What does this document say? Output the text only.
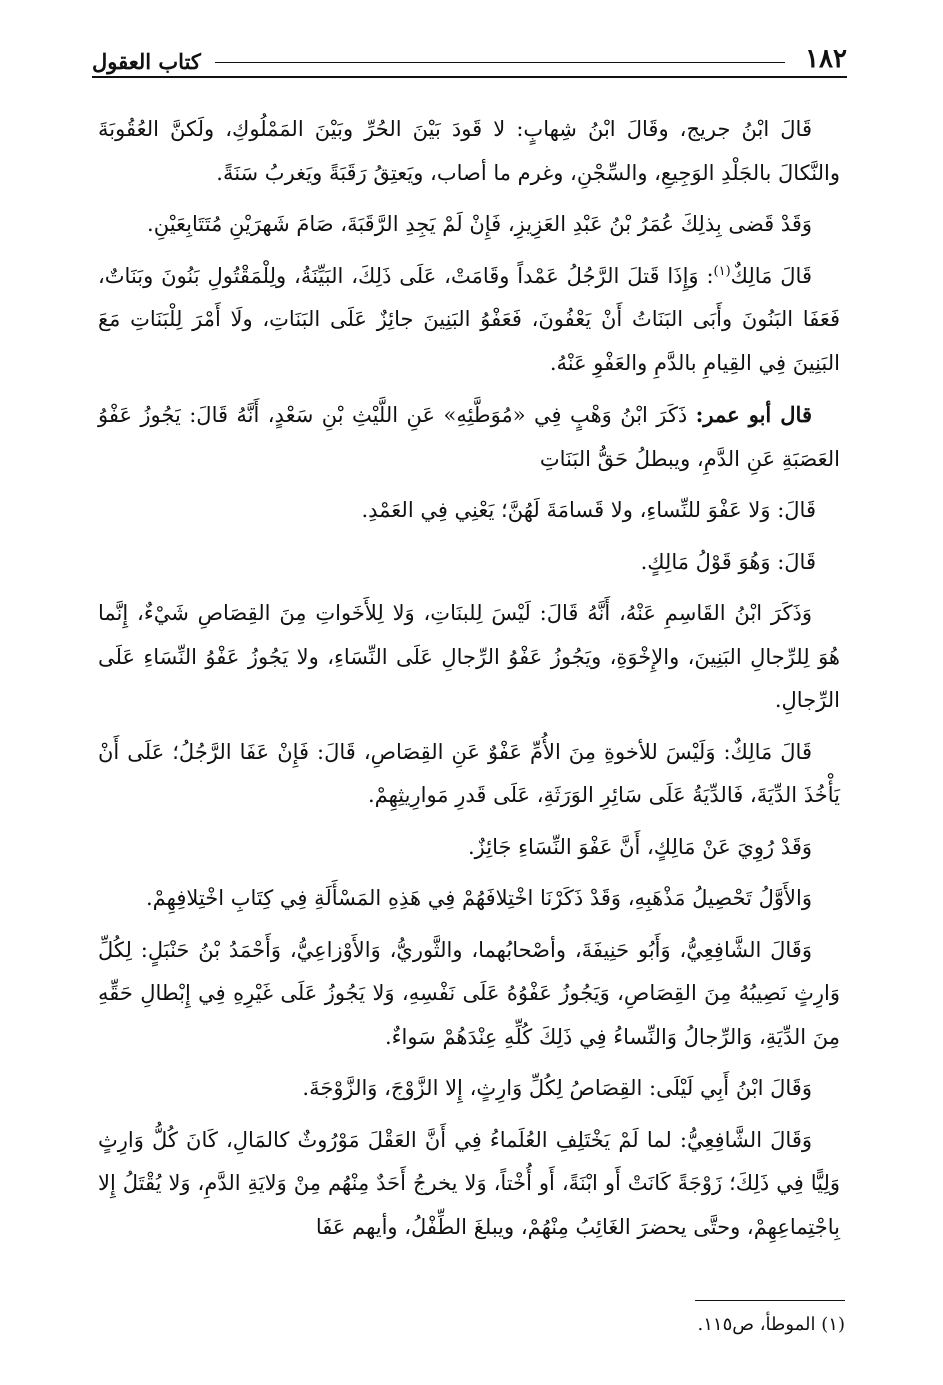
١٨٢
كتاب العقول

قَالَ ابْنُ جريج، وقَالَ ابْنُ شِهابٍ: لا قَودَ بَيْنَ الحُرِّ وبَيْنَ المَمْلُوكِ، ولَكنَّ العُقُوبَةَ والنَّكالَ بالجَلْدِ الوَجِيعِ، والسِّجْنِ، وغرم ما أصاب، ويَعتِقُ رَقَبَةً ويَغربُ سَنَةً.

وَقَدْ قَضى بِذلِكَ عُمَرُ بْنُ عَبْدِ العَزِيزِ، فَإِنْ لَمْ يَجِدِ الرَّقَبَةَ، صَامَ شَهرَيْنِ مُتَتَابِعَيْنِ.

قَالَ مَالِكٌ$^{(١)}$: وَإِذَا قَتلَ الرَّجُلُ عَمْداً وقَامَتْ، عَلَى ذَلِكَ، البَيِّنَةُ، ولِلْمَقْتُولِ بَنُونَ وبَنَاتٌ، فَعَفَا البَنُونَ وأَبَى البَنَاتُ أَنْ يَعْفُونَ، فَعَفْوُ البَنِينَ جائِزٌ عَلَى البَنَاتِ، ولَا أَمْرَ لِلْبَنَاتِ مَعَ البَنِينَ فِي القِيامِ بالدَّمِ والعَفْوِ عَنْهُ.

قال أبو عمر: ذَكَرَ ابْنُ وَهْبٍ فِي «مُوَطَّئِهِ» عَنِ اللَّيْثِ بْنِ سَعْدٍ، أَنَّهُ قَالَ: يَجُوزُ عَفْوُ العَصَبَةِ عَنِ الدَّمِ، ويبطلُ حَقُّ البَنَاتِ

قَالَ: وَلا عَفْوَ للنِّساءِ، ولا قَسامَةَ لَهُنَّ؛ يَعْنِي فِي العَمْدِ.

قَالَ: وَهُوَ قَوْلُ مَالِكٍ.

وَذَكَرَ ابْنُ القَاسِمِ عَنْهُ، أَنَّهُ قَالَ: لَيْسَ لِلبنَاتِ، وَلا لِلأَخَواتِ مِنَ القِصَاصِ شَيْءٌ، إِنَّما هُوَ لِلرِّجالِ البَنِينَ، والإِخْوَةِ، ويَجُوزُ عَفْوُ الرِّجالِ عَلَى النِّسَاءِ، ولا يَجُوزُ عَفْوُ النِّسَاءِ عَلَى الرِّجالِ.

قَالَ مَالِكٌ: وَلَيْسَ للأخوةِ مِنَ الأُمِّ عَفْوٌ عَنِ القِصَاصِ، قَالَ: فَإِنْ عَفَا الرَّجُلُ؛ عَلَى أَنْ يَأْخُذَ الدِّيَةَ، فَالدِّيَةُ عَلَى سَائِرِ الوَرَثَةِ، عَلَى قَدرِ مَوارِيثِهِمْ.

وَقَدْ رُوِيَ عَنْ مَالِكٍ، أَنَّ عَفْوَ النِّسَاءِ جَائِزٌ.

وَالأَوَّلُ تَحْصِيلُ مَذْهَبِهِ، وَقَدْ ذَكَرْنَا اخْتِلافَهُمْ فِي هَذِهِ المَسْأَلَةِ فِي كِتَابِ اخْتِلافِهِمْ.

وَقَالَ الشَّافِعِيُّ، وَأَبُو حَنِيفَةَ، وأصْحابُهما، والثَّوريُّ، وَالأَوْزاعِيُّ، وَأَحْمَدُ بْنُ حَنْبَلٍ: لِكُلِّ وَارِثٍ نَصِيبُهُ مِنَ القِصَاصِ، وَيَجُوزُ عَفْوُهُ عَلَى نَفْسِهِ، وَلا يَجُوزُ عَلَى غَيْرِهِ فِي إِبْطالِ حَقِّهِ مِنَ الدِّيَةِ، وَالرِّجالُ وَالنِّساءُ فِي ذَلِكَ كُلِّهِ عِنْدَهُمْ سَواءٌ.

وَقَالَ ابْنُ أَبِي لَيْلَى: القِصَاصُ لِكُلِّ وَارِثٍ، إِلا الزَّوْجَ، وَالزَّوْجَةَ.

وَقَالَ الشَّافِعِيُّ: لما لَمْ يَخْتَلِفِ العُلَماءُ فِي أَنَّ العَقْلَ مَوْرُوثٌ كالمَالِ، كَانَ كُلُّ وَارِثٍ وَلِيًّا فِي ذَلِكَ؛ زَوْجَةً كَانَتْ أَو ابْنَةً، أَو أُخْتاً، وَلا يخرجُ أَحَدٌ مِنْهُم مِنْ وَلايَةِ الدَّمِ، وَلا يُقْتَلُ إِلا بِاجْتِماعِهِمْ، وحتَّى يحضرَ الغَائِبُ مِنْهُمْ، ويبلغَ الطِّفْلُ، وأيهم عَفَا

(١) الموطأ، ص١١٥.
